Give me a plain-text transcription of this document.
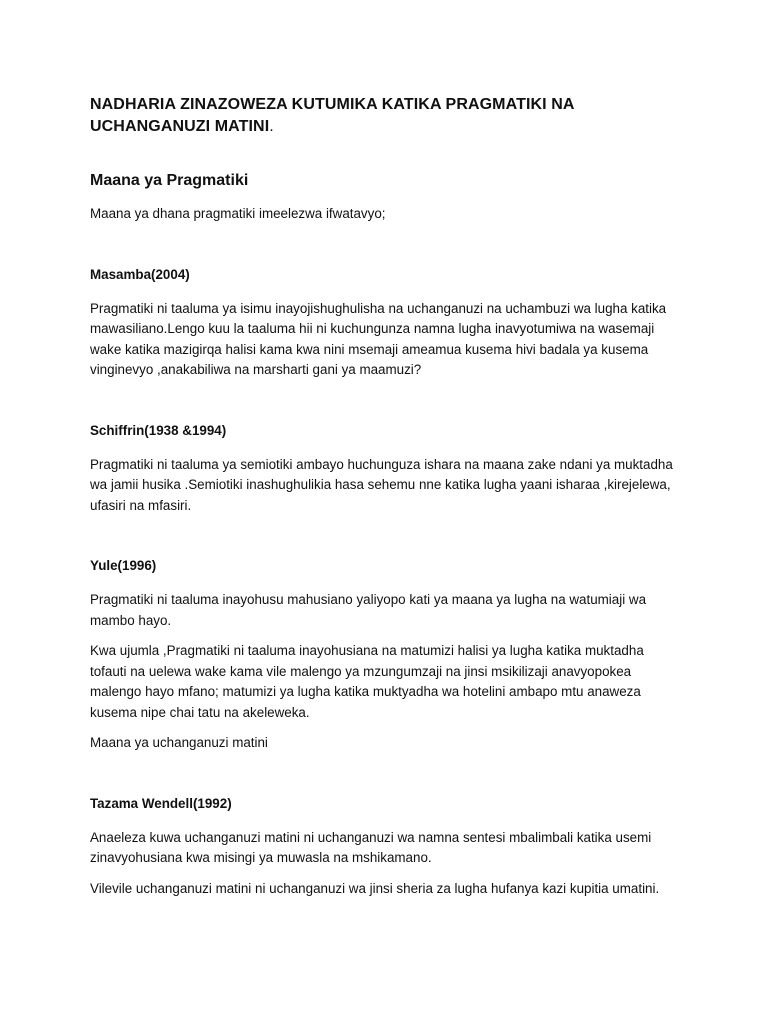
NADHARIA ZINAZOWEZA KUTUMIKA KATIKA PRAGMATIKI NA UCHANGANUZI MATINI.
Maana ya Pragmatiki

Maana ya dhana pragmatiki imeelezwa ifwatavyo;

Masamba(2004)

Pragmatiki ni taaluma ya isimu inayojishughulisha na uchanganuzi na uchambuzi wa lugha katika mawasiliano.Lengo kuu la taaluma hii ni kuchungunza namna lugha inavyotumiwa na wasemaji wake katika mazigirqa halisi kama kwa nini msemaji ameamua kusema hivi badala ya kusema vinginevyo ,anakabiliwa na marsharti gani ya maamuzi?

Schiffrin(1938 &1994)

Pragmatiki ni taaluma ya semiotiki ambayo huchunguza ishara na maana zake ndani ya muktadha wa jamii husika .Semiotiki inashughulikia hasa sehemu nne katika lugha yaani isharaa ,kirejelewa, ufasiri na mfasiri.

Yule(1996)

Pragmatiki ni taaluma inayohusu mahusiano yaliyopo kati ya maana ya lugha na watumiaji wa mambo hayo.

Kwa ujumla ,Pragmatiki ni taaluma inayohusiana na matumizi halisi ya lugha katika muktadha tofauti na uelewa wake kama vile malengo ya mzungumzaji na jinsi msikilizaji anavyopokea malengo hayo mfano; matumizi ya lugha katika muktyadha wa hotelini ambapo mtu anaweza kusema nipe chai tatu na akeleweka.

Maana ya uchanganuzi matini

Tazama Wendell(1992)

Anaeleza kuwa uchanganuzi matini ni uchanganuzi wa namna sentesi mbalimbali katika usemi zinavyohusiana kwa misingi ya muwasla na mshikamano.

Vilevile uchanganuzi matini ni uchanganuzi wa jinsi sheria za lugha hufanya kazi kupitia umatini.
